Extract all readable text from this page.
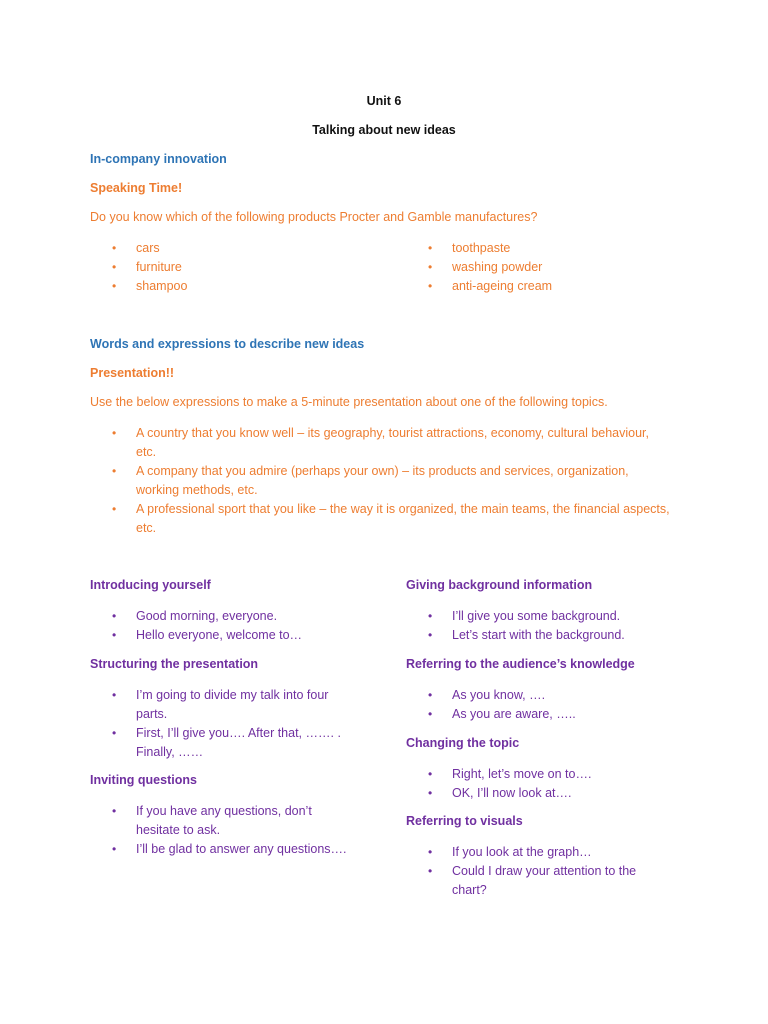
Unit 6
Talking about new ideas
In-company innovation
Speaking Time!
Do you know which of the following products Procter and Gamble manufactures?
• cars
• furniture
• shampoo
• toothpaste
• washing powder
• anti-ageing cream
Words and expressions to describe new ideas
Presentation!!
Use the below expressions to make a 5-minute presentation about one of the following topics.
• A country that you know well – its geography, tourist attractions, economy, cultural behaviour,
etc.
• A company that you admire (perhaps your own) – its products and services, organization,
working methods, etc.
• A professional sport that you like – the way it is organized, the main teams, the financial aspects,
etc.
Introducing yourself
• Good morning, everyone.
• Hello everyone, welcome to…
Structuring the presentation
• I’m going to divide my talk into four
parts.
• First, I’ll give you…. After that, ……. .
Finally, ……
Inviting questions
• If you have any questions, don’t
hesitate to ask.
• I’ll be glad to answer any questions….
Giving background information
• I’ll give you some background.
• Let’s start with the background.
Referring to the audience’s knowledge
• As you know, ….
• As you are aware, …..
Changing the topic
• Right, let’s move on to….
• OK, I’ll now look at….
Referring to visuals
• If you look at the graph…
• Could I draw your attention to the
chart?
